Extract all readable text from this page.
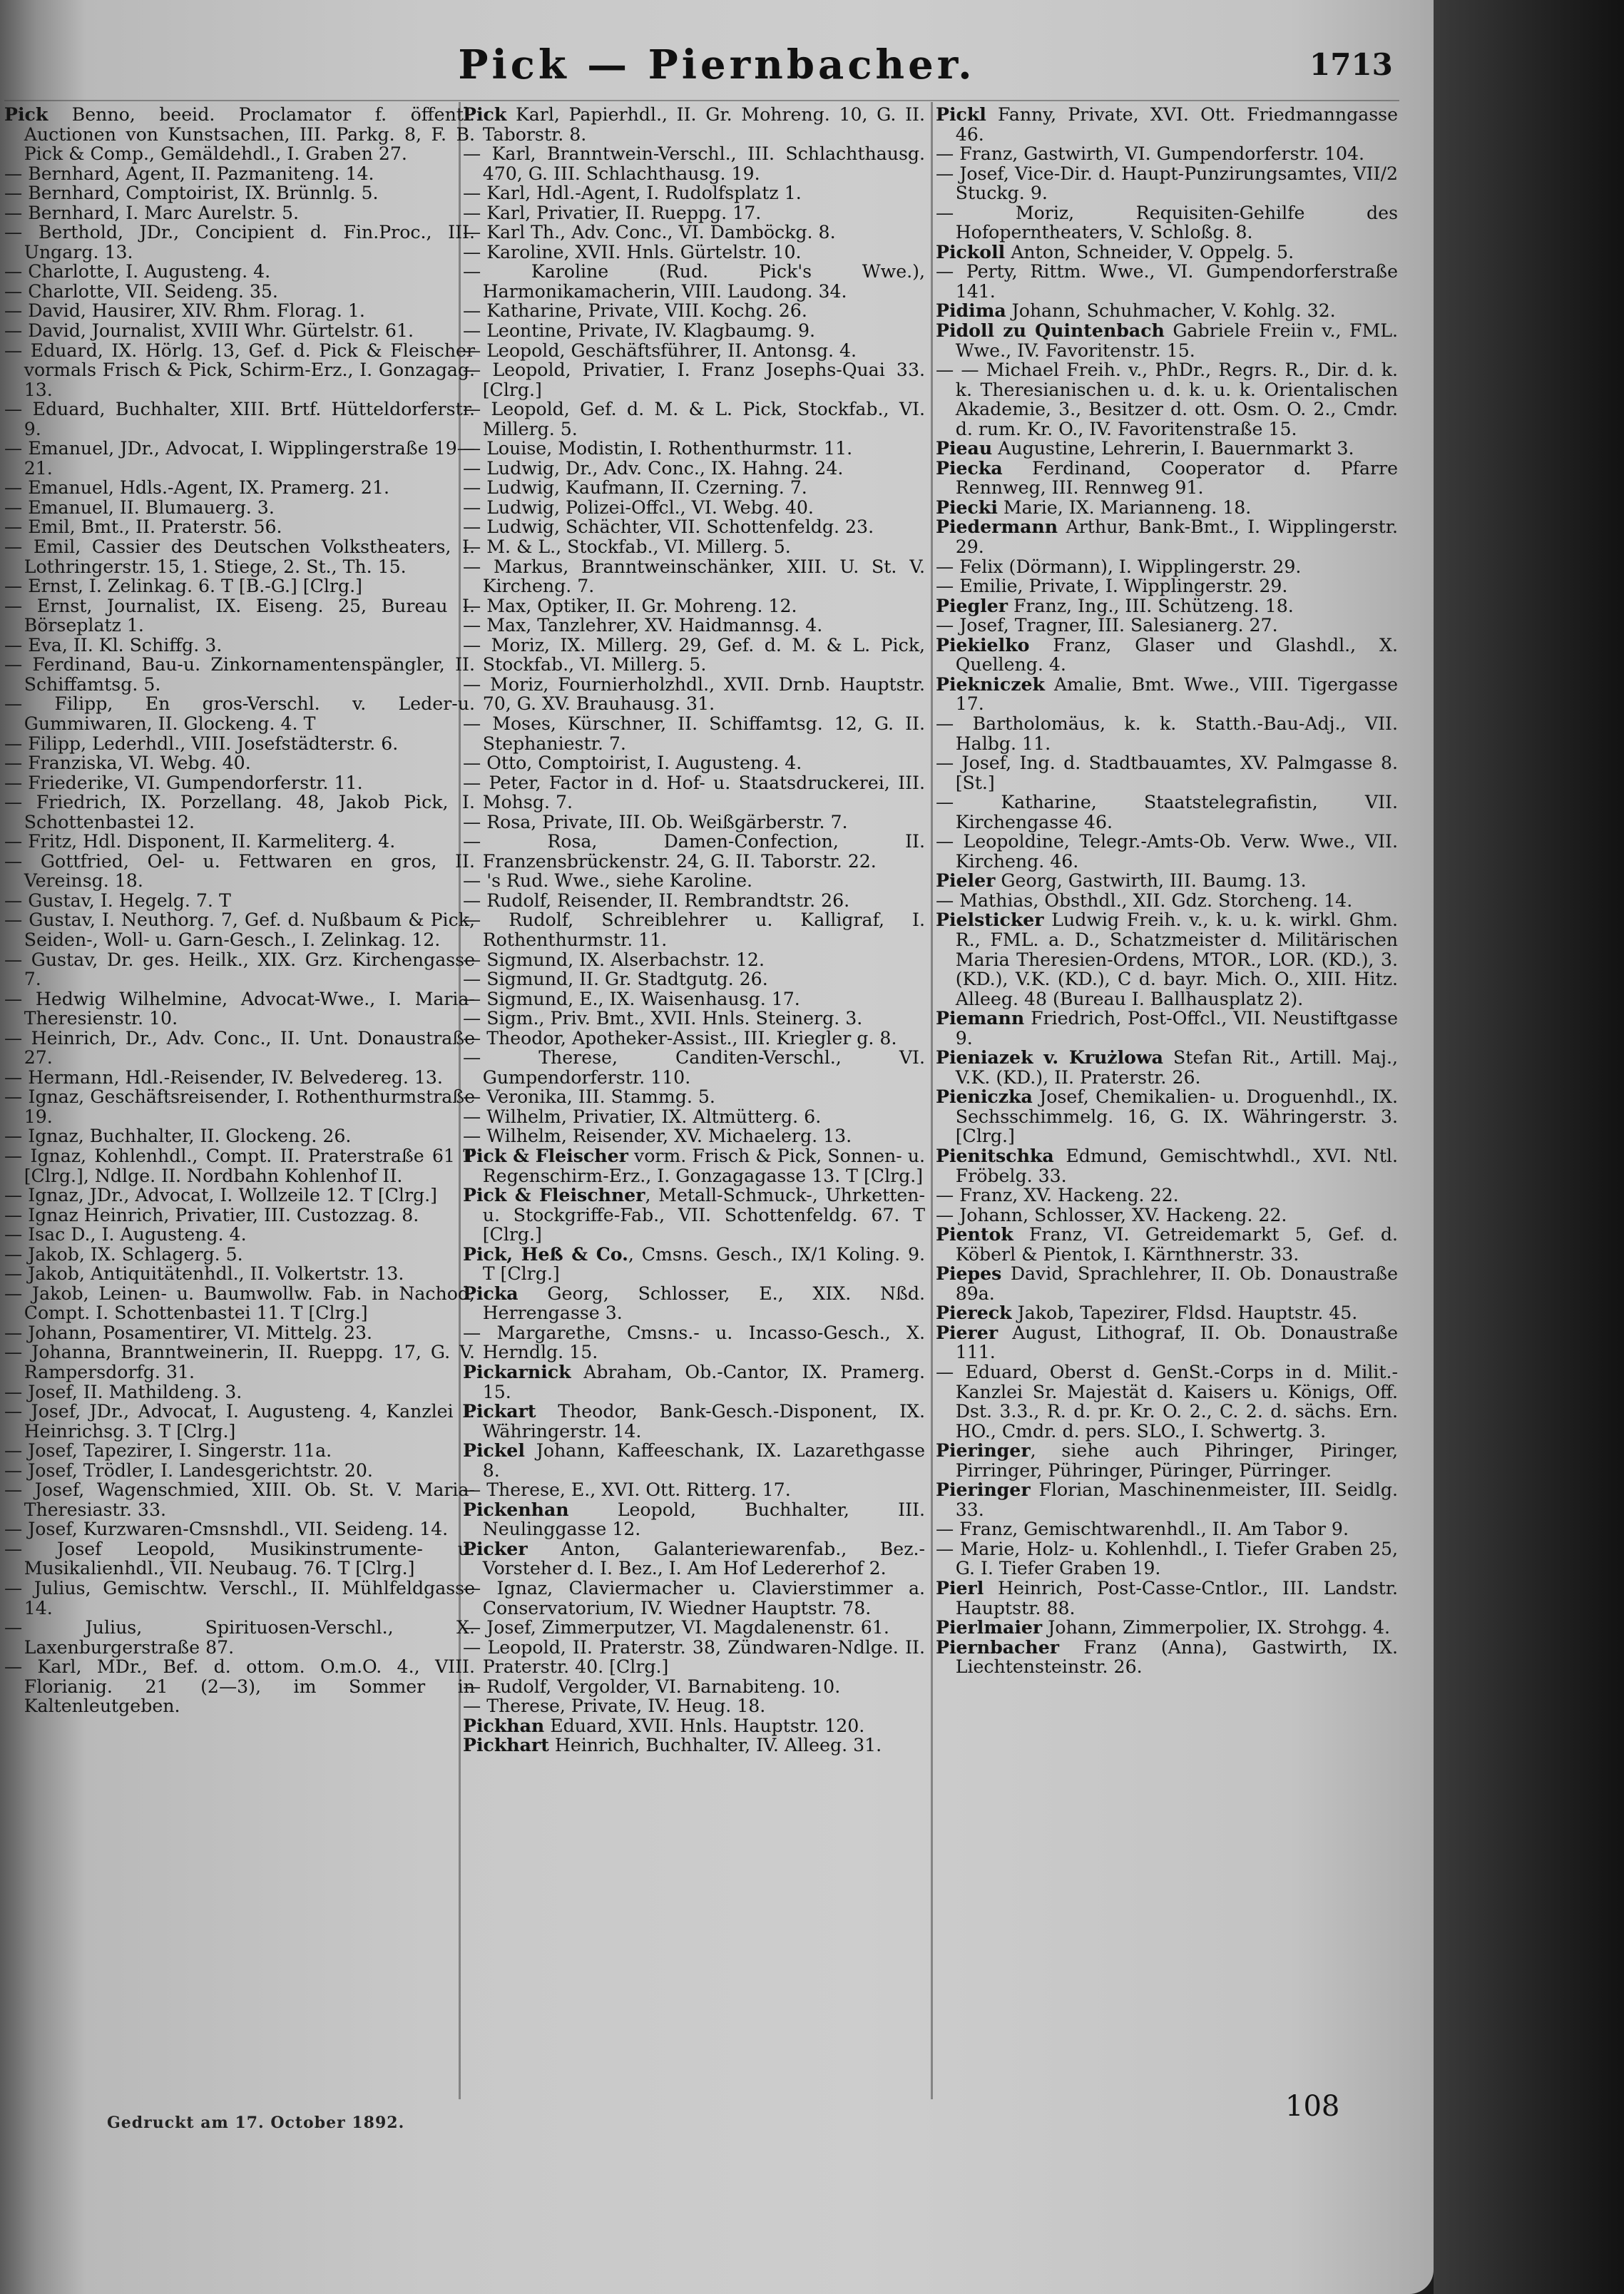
Pick — Piernbacher.	1713
Pick Benno, beeid. Proclamator f. öffentl. Auctionen von Kunstsachen, III. Parkg. 8, F. B. Pick & Comp., Gemäldehdl., I. Graben 27.
— Bernhard, Agent, II. Pazmaniteng. 14.
— Bernhard, Comptoirist, IX. Brünnlg. 5.
— Bernhard, I. Marc Aurelstr. 5.
— Berthold, JDr., Concipient d. Fin.Proc., III. Ungarg. 13.
— Charlotte, I. Augusteng. 4.
— Charlotte, VII. Seideng. 35.
— David, Hausirer, XIV. Rhm. Florag. 1.
— David, Journalist, XVIII Whr. Gürtelstr. 61.
— Eduard, IX. Hörlg. 13, Gef. d. Pick & Fleischer vormals Frisch & Pick, Schirm-Erz., I. Gonzagag. 13.
— Eduard, Buchhalter, XIII. Brtf. Hütteldorferstr. 9.
— Emanuel, JDr., Advocat, I. Wipplingerstraße 19—21.
— Emanuel, Hdls.-Agent, IX. Pramerg. 21.
— Emanuel, II. Blumauerg. 3.
— Emil, Bmt., II. Praterstr. 56.
— Emil, Cassier des Deutschen Volkstheaters, I. Lothringerstr. 15, 1. Stiege, 2. St., Th. 15.
— Ernst, I. Zelinkag. 6. T [B.-G.] [Clrg.]
— Ernst, Journalist, IX. Eiseng. 25, Bureau I. Börseplatz 1.
— Eva, II. Kl. Schiffg. 3.
— Ferdinand, Bau-u. Zinkornamentenspängler, II. Schiffamtsg. 5.
— Filipp, En gros-Verschl. v. Leder-u. Gummiwaren, II. Glockeng. 4. T
— Filipp, Lederhdl., VIII. Josefstädterstr. 6.
— Franziska, VI. Webg. 40.
— Friederike, VI. Gumpendorferstr. 11.
— Friedrich, IX. Porzellang. 48, Jakob Pick, I. Schottenbastei 12.
— Fritz, Hdl. Disponent, II. Karmeliterg. 4.
— Gottfried, Oel- u. Fettwaren en gros, II. Vereinsg. 18.
— Gustav, I. Hegelg. 7. T
— Gustav, I. Neuthorg. 7, Gef. d. Nußbaum & Pick, Seiden-, Woll- u. Garn-Gesch., I. Zelinkag. 12.
— Gustav, Dr. ges. Heilk., XIX. Grz. Kirchengasse 7.
— Hedwig Wilhelmine, Advocat-Wwe., I. Maria-Theresienstr. 10.
— Heinrich, Dr., Adv. Conc., II. Unt. Donaustraße 27.
— Hermann, Hdl.-Reisender, IV. Belvedereg. 13.
— Ignaz, Geschäftsreisender, I. Rothenthurmstraße 19.
— Ignaz, Buchhalter, II. Glockeng. 26.
— Ignaz, Kohlenhdl., Compt. II. Praterstraße 61 T [Clrg.], Ndlge. II. Nordbahn Kohlenhof II.
— Ignaz, JDr., Advocat, I. Wollzeile 12. T [Clrg.]
— Ignaz Heinrich, Privatier, III. Custozzag. 8.
— Isac D., I. Augusteng. 4.
— Jakob, IX. Schlagerg. 5.
— Jakob, Antiquitätenhdl., II. Volkertstr. 13.
— Jakob, Leinen- u. Baumwollw. Fab. in Nachod, Compt. I. Schottenbastei 11. T [Clrg.]
— Johann, Posamentirer, VI. Mittelg. 23.
— Johanna, Branntweinerin, II. Rueppg. 17, G. V. Rampersdorfg. 31.
— Josef, II. Mathildeng. 3.
— Josef, JDr., Advocat, I. Augusteng. 4, Kanzlei I. Heinrichsg. 3. T [Clrg.]
— Josef, Tapezirer, I. Singerstr. 11a.
— Josef, Trödler, I. Landesgerichtstr. 20.
— Josef, Wagenschmied, XIII. Ob. St. V. Maria-Theresiastr. 33.
— Josef, Kurzwaren-Cmsnshdl., VII. Seideng. 14.
— Josef Leopold, Musikinstrumente- u. Musikalienhdl., VII. Neubaug. 76. T [Clrg.]
— Julius, Gemischtw. Verschl., II. Mühlfeldgasse 14.
— Julius, Spirituosen-Verschl., X. Laxenburgerstraße 87.
— Karl, MDr., Bef. d. ottom. O.m.O. 4., VIII. Florianig. 21 (2—3), im Sommer in Kaltenleutgeben.
Pick Karl, Papierhdl., II. Gr. Mohreng. 10, G. II. Taborstr. 8.
— Karl, Branntwein-Verschl., III. Schlachthausg. 470, G. III. Schlachthausg. 19.
— Karl, Hdl.-Agent, I. Rudolfsplatz 1.
— Karl, Privatier, II. Rueppg. 17.
— Karl Th., Adv. Conc., VI. Damböckg. 8.
— Karoline, XVII. Hnls. Gürtelstr. 10.
— Karoline (Rud. Pick's Wwe.), Harmonikamacherin, VIII. Laudong. 34.
— Katharine, Private, VIII. Kochg. 26.
— Leontine, Private, IV. Klagbaumg. 9.
— Leopold, Geschäftsführer, II. Antonsg. 4.
— Leopold, Privatier, I. Franz Josephs-Quai 33. [Clrg.]
— Leopold, Gef. d. M. & L. Pick, Stockfab., VI. Millerg. 5.
— Louise, Modistin, I. Rothenthurmstr. 11.
— Ludwig, Dr., Adv. Conc., IX. Hahng. 24.
— Ludwig, Kaufmann, II. Czerning. 7.
— Ludwig, Polizei-Offcl., VI. Webg. 40.
— Ludwig, Schächter, VII. Schottenfeldg. 23.
— M. & L., Stockfab., VI. Millerg. 5.
— Markus, Branntweinschänker, XIII. U. St. V. Kircheng. 7.
— Max, Optiker, II. Gr. Mohreng. 12.
— Max, Tanzlehrer, XV. Haidmannsg. 4.
— Moriz, IX. Millerg. 29, Gef. d. M. & L. Pick, Stockfab., VI. Millerg. 5.
— Moriz, Fournierholzhdl., XVII. Drnb. Hauptstr. 70, G. XV. Brauhausg. 31.
— Moses, Kürschner, II. Schiffamtsg. 12, G. II. Stephaniestr. 7.
— Otto, Comptoirist, I. Augusteng. 4.
— Peter, Factor in d. Hof- u. Staatsdruckerei, III. Mohsg. 7.
— Rosa, Private, III. Ob. Weißgärberstr. 7.
— Rosa, Damen-Confection, II. Franzensbrückenstr. 24, G. II. Taborstr. 22.
— 's Rud. Wwe., siehe Karoline.
— Rudolf, Reisender, II. Rembrandtstr. 26.
— Rudolf, Schreiblehrer u. Kalligraf, I. Rothenthurmstr. 11.
— Sigmund, IX. Alserbachstr. 12.
— Sigmund, II. Gr. Stadtgutg. 26.
— Sigmund, E., IX. Waisenhausg. 17.
— Sigm., Priv. Bmt., XVII. Hnls. Steinerg. 3.
— Theodor, Apotheker-Assist., III. Kriegler g. 8.
— Therese, Canditen-Verschl., VI. Gumpendorferstr. 110.
— Veronika, III. Stammg. 5.
— Wilhelm, Privatier, IX. Altmütterg. 6.
— Wilhelm, Reisender, XV. Michaelerg. 13.
Pick & Fleischer vorm. Frisch & Pick, Sonnen- u. Regenschirm-Erz., I. Gonzagagasse 13. T [Clrg.]
Pick & Fleischner, Metall-Schmuck-, Uhrketten- u. Stockgriffe-Fab., VII. Schottenfeldg. 67. T [Clrg.]
Pick, Heß & Co., Cmsns. Gesch., IX/1 Koling. 9. T [Clrg.]
Picka Georg, Schlosser, E., XIX. Nßd. Herrengasse 3.
— Margarethe, Cmsns.- u. Incasso-Gesch., X. Herndlg. 15.
Pickarnick Abraham, Ob.-Cantor, IX. Pramerg. 15.
Pickart Theodor, Bank-Gesch.-Disponent, IX. Währingerstr. 14.
Pickel Johann, Kaffeeschank, IX. Lazarethgasse 8.
— Therese, E., XVI. Ott. Ritterg. 17.
Pickenhan Leopold, Buchhalter, III. Neulinggasse 12.
Picker Anton, Galanteriewarenfab., Bez.-Vorsteher d. I. Bez., I. Am Hof Ledererhof 2.
— Ignaz, Claviermacher u. Clavierstimmer a. Conservatorium, IV. Wiedner Hauptstr. 78.
— Josef, Zimmerputzer, VI. Magdalenenstr. 61.
— Leopold, II. Praterstr. 38, Zündwaren-Ndlge. II. Praterstr. 40. [Clrg.]
— Rudolf, Vergolder, VI. Barnabiteng. 10.
— Therese, Private, IV. Heug. 18.
Pickhan Eduard, XVII. Hnls. Hauptstr. 120.
Pickhart Heinrich, Buchhalter, IV. Alleeg. 31.
Pickl Fanny, Private, XVI. Ott. Friedmanngasse 46.
— Franz, Gastwirth, VI. Gumpendorferstr. 104.
— Josef, Vice-Dir. d. Haupt-Punzirungsamtes, VII/2 Stuckg. 9.
— Moriz, Requisiten-Gehilfe des Hofoperntheaters, V. Schloßg. 8.
Pickoll Anton, Schneider, V. Oppelg. 5.
— Perty, Rittm. Wwe., VI. Gumpendorferstraße 141.
Pidima Johann, Schuhmacher, V. Kohlg. 32.
Pidoll zu Quintenbach Gabriele Freiin v., FML. Wwe., IV. Favoritenstr. 15.
— — Michael Freih. v., PhDr., Regrs. R., Dir. d. k. k. Theresianischen u. d. k. u. k. Orientalischen Akademie, 3., Besitzer d. ott. Osm. O. 2., Cmdr. d. rum. Kr. O., IV. Favoritenstraße 15.
Pieau Augustine, Lehrerin, I. Bauernmarkt 3.
Piecka Ferdinand, Cooperator d. Pfarre Rennweg, III. Rennweg 91.
Piecki Marie, IX. Marianneng. 18.
Piedermann Arthur, Bank-Bmt., I. Wipplingerstr. 29.
— Felix (Dörmann), I. Wipplingerstr. 29.
— Emilie, Private, I. Wipplingerstr. 29.
Piegler Franz, Ing., III. Schützeng. 18.
— Josef, Tragner, III. Salesianerg. 27.
Piekielko Franz, Glaser und Glashdl., X. Quelleng. 4.
Piekniczek Amalie, Bmt. Wwe., VIII. Tigergasse 17.
— Bartholomäus, k. k. Statth.-Bau-Adj., VII. Halbg. 11.
— Josef, Ing. d. Stadtbauamtes, XV. Palmgasse 8. [St.]
— Katharine, Staatstelegrafistin, VII. Kirchengasse 46.
— Leopoldine, Telegr.-Amts-Ob. Verw. Wwe., VII. Kircheng. 46.
Pieler Georg, Gastwirth, III. Baumg. 13.
— Mathias, Obsthdl., XII. Gdz. Storcheng. 14.
Pielsticker Ludwig Freih. v., k. u. k. wirkl. Ghm. R., FML. a. D., Schatzmeister d. Militärischen Maria Theresien-Ordens, MTOR., LOR. (KD.), 3. (KD.), V.K. (KD.), C d. bayr. Mich. O., XIII. Hitz. Alleeg. 48 (Bureau I. Ballhausplatz 2).
Piemann Friedrich, Post-Offcl., VII. Neustiftgasse 9.
Pieniazek v. Krużlowa Stefan Rit., Artill. Maj., V.K. (KD.), II. Praterstr. 26.
Pieniczka Josef, Chemikalien- u. Droguenhdl., IX. Sechsschimmelg. 16, G. IX. Währingerstr. 3. [Clrg.]
Pienitschka Edmund, Gemischtwhdl., XVI. Ntl. Fröbelg. 33.
— Franz, XV. Hackeng. 22.
— Johann, Schlosser, XV. Hackeng. 22.
Pientok Franz, VI. Getreidemarkt 5, Gef. d. Köberl & Pientok, I. Kärnthnerstr. 33.
Piepes David, Sprachlehrer, II. Ob. Donaustraße 89a.
Piereck Jakob, Tapezirer, Fldsd. Hauptstr. 45.
Pierer August, Lithograf, II. Ob. Donaustraße 111.
— Eduard, Oberst d. GenSt.-Corps in d. Milit.-Kanzlei Sr. Majestät d. Kaisers u. Königs, Off. Dst. 3.3., R. d. pr. Kr. O. 2., C. 2. d. sächs. Ern. HO., Cmdr. d. pers. SLO., I. Schwertg. 3.
Pieringer, siehe auch Pihringer, Piringer, Pirringer, Pühringer, Püringer, Pürringer.
Pieringer Florian, Maschinenmeister, III. Seidlg. 33.
— Franz, Gemischtwarenhdl., II. Am Tabor 9.
— Marie, Holz- u. Kohlenhdl., I. Tiefer Graben 25, G. I. Tiefer Graben 19.
Pierl Heinrich, Post-Casse-Cntlor., III. Landstr. Hauptstr. 88.
Pierlmaier Johann, Zimmerpolier, IX. Strohgg. 4.
Piernbacher Franz (Anna), Gastwirth, IX. Liechtensteinstr. 26.
Gedruckt am 17. October 1892.	108
